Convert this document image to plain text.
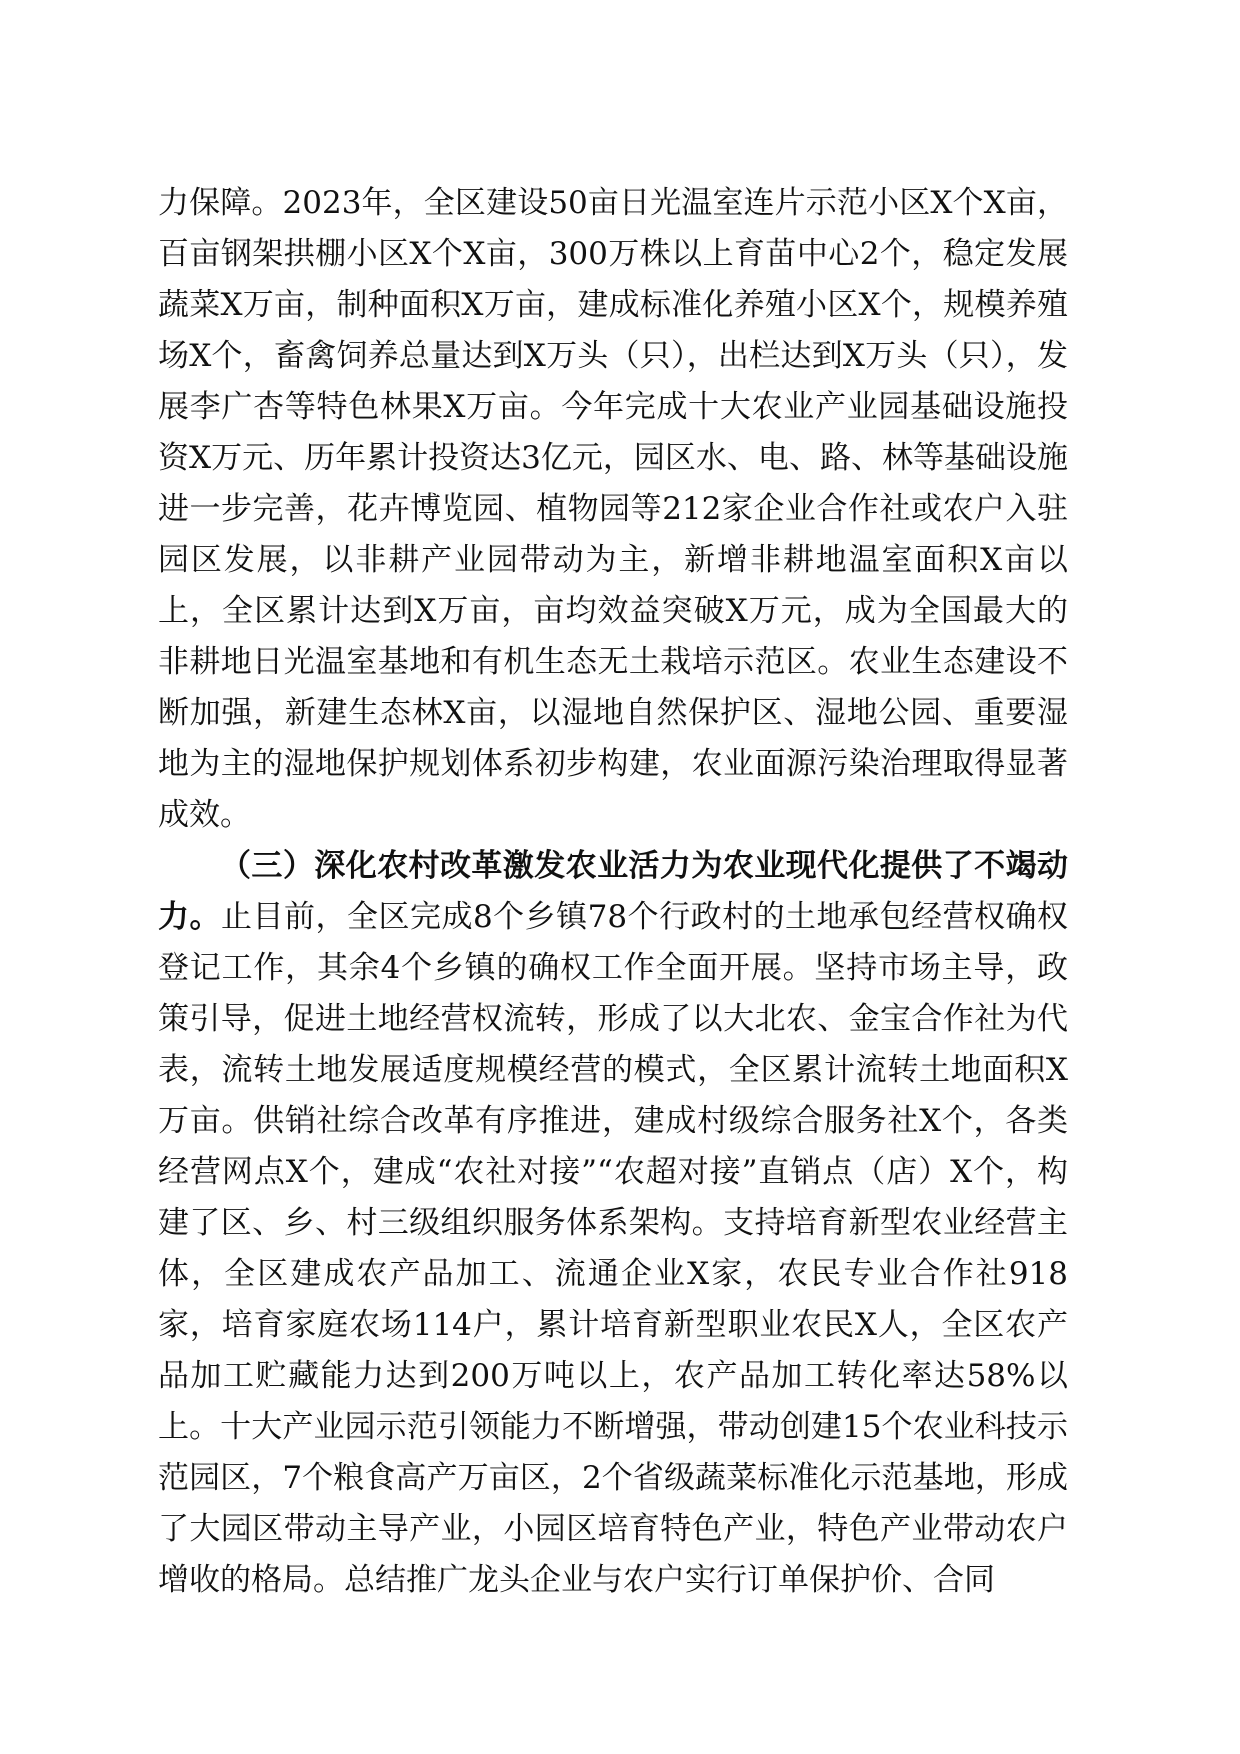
力保障。2023年，全区建设50亩日光温室连片示范小区X个X亩，百亩钢架拱棚小区X个X亩，300万株以上育苗中心2个，稳定发展蔬菜X万亩，制种面积X万亩，建成标准化养殖小区X个，规模养殖场X个，畜禽饲养总量达到X万头（只），出栏达到X万头（只），发展李广杏等特色林果X万亩。今年完成十大农业产业园基础设施投资X万元、历年累计投资达3亿元，园区水、电、路、林等基础设施进一步完善，花卉博览园、植物园等212家企业合作社或农户入驻园区发展，以非耕产业园带动为主，新增非耕地温室面积X亩以上，全区累计达到X万亩，亩均效益突破X万元，成为全国最大的非耕地日光温室基地和有机生态无土栽培示范区。农业生态建设不断加强，新建生态林X亩，以湿地自然保护区、湿地公园、重要湿地为主的湿地保护规划体系初步构建，农业面源污染治理取得显著成效。

（三）深化农村改革激发农业活力为农业现代化提供了不竭动力。止目前，全区完成8个乡镇78个行政村的土地承包经营权确权登记工作，其余4个乡镇的确权工作全面开展。坚持市场主导，政策引导，促进土地经营权流转，形成了以大北农、金宝合作社为代表，流转土地发展适度规模经营的模式，全区累计流转土地面积X万亩。供销社综合改革有序推进，建成村级综合服务社X个，各类经营网点X个，建成“农社对接”“农超对接”直销点（店）X个，构建了区、乡、村三级组织服务体系架构。支持培育新型农业经营主体，全区建成农产品加工、流通企业X家，农民专业合作社918家，培育家庭农场114户，累计培育新型职业农民X人，全区农产品加工贮藏能力达到200万吨以上，农产品加工转化率达58%以上。十大产业园示范引领能力不断增强，带动创建15个农业科技示范园区，7个粮食高产万亩区，2个省级蔬菜标准化示范基地，形成了大园区带动主导产业，小园区培育特色产业，特色产业带动农户增收的格局。总结推广龙头企业与农户实行订单保护价、合同
